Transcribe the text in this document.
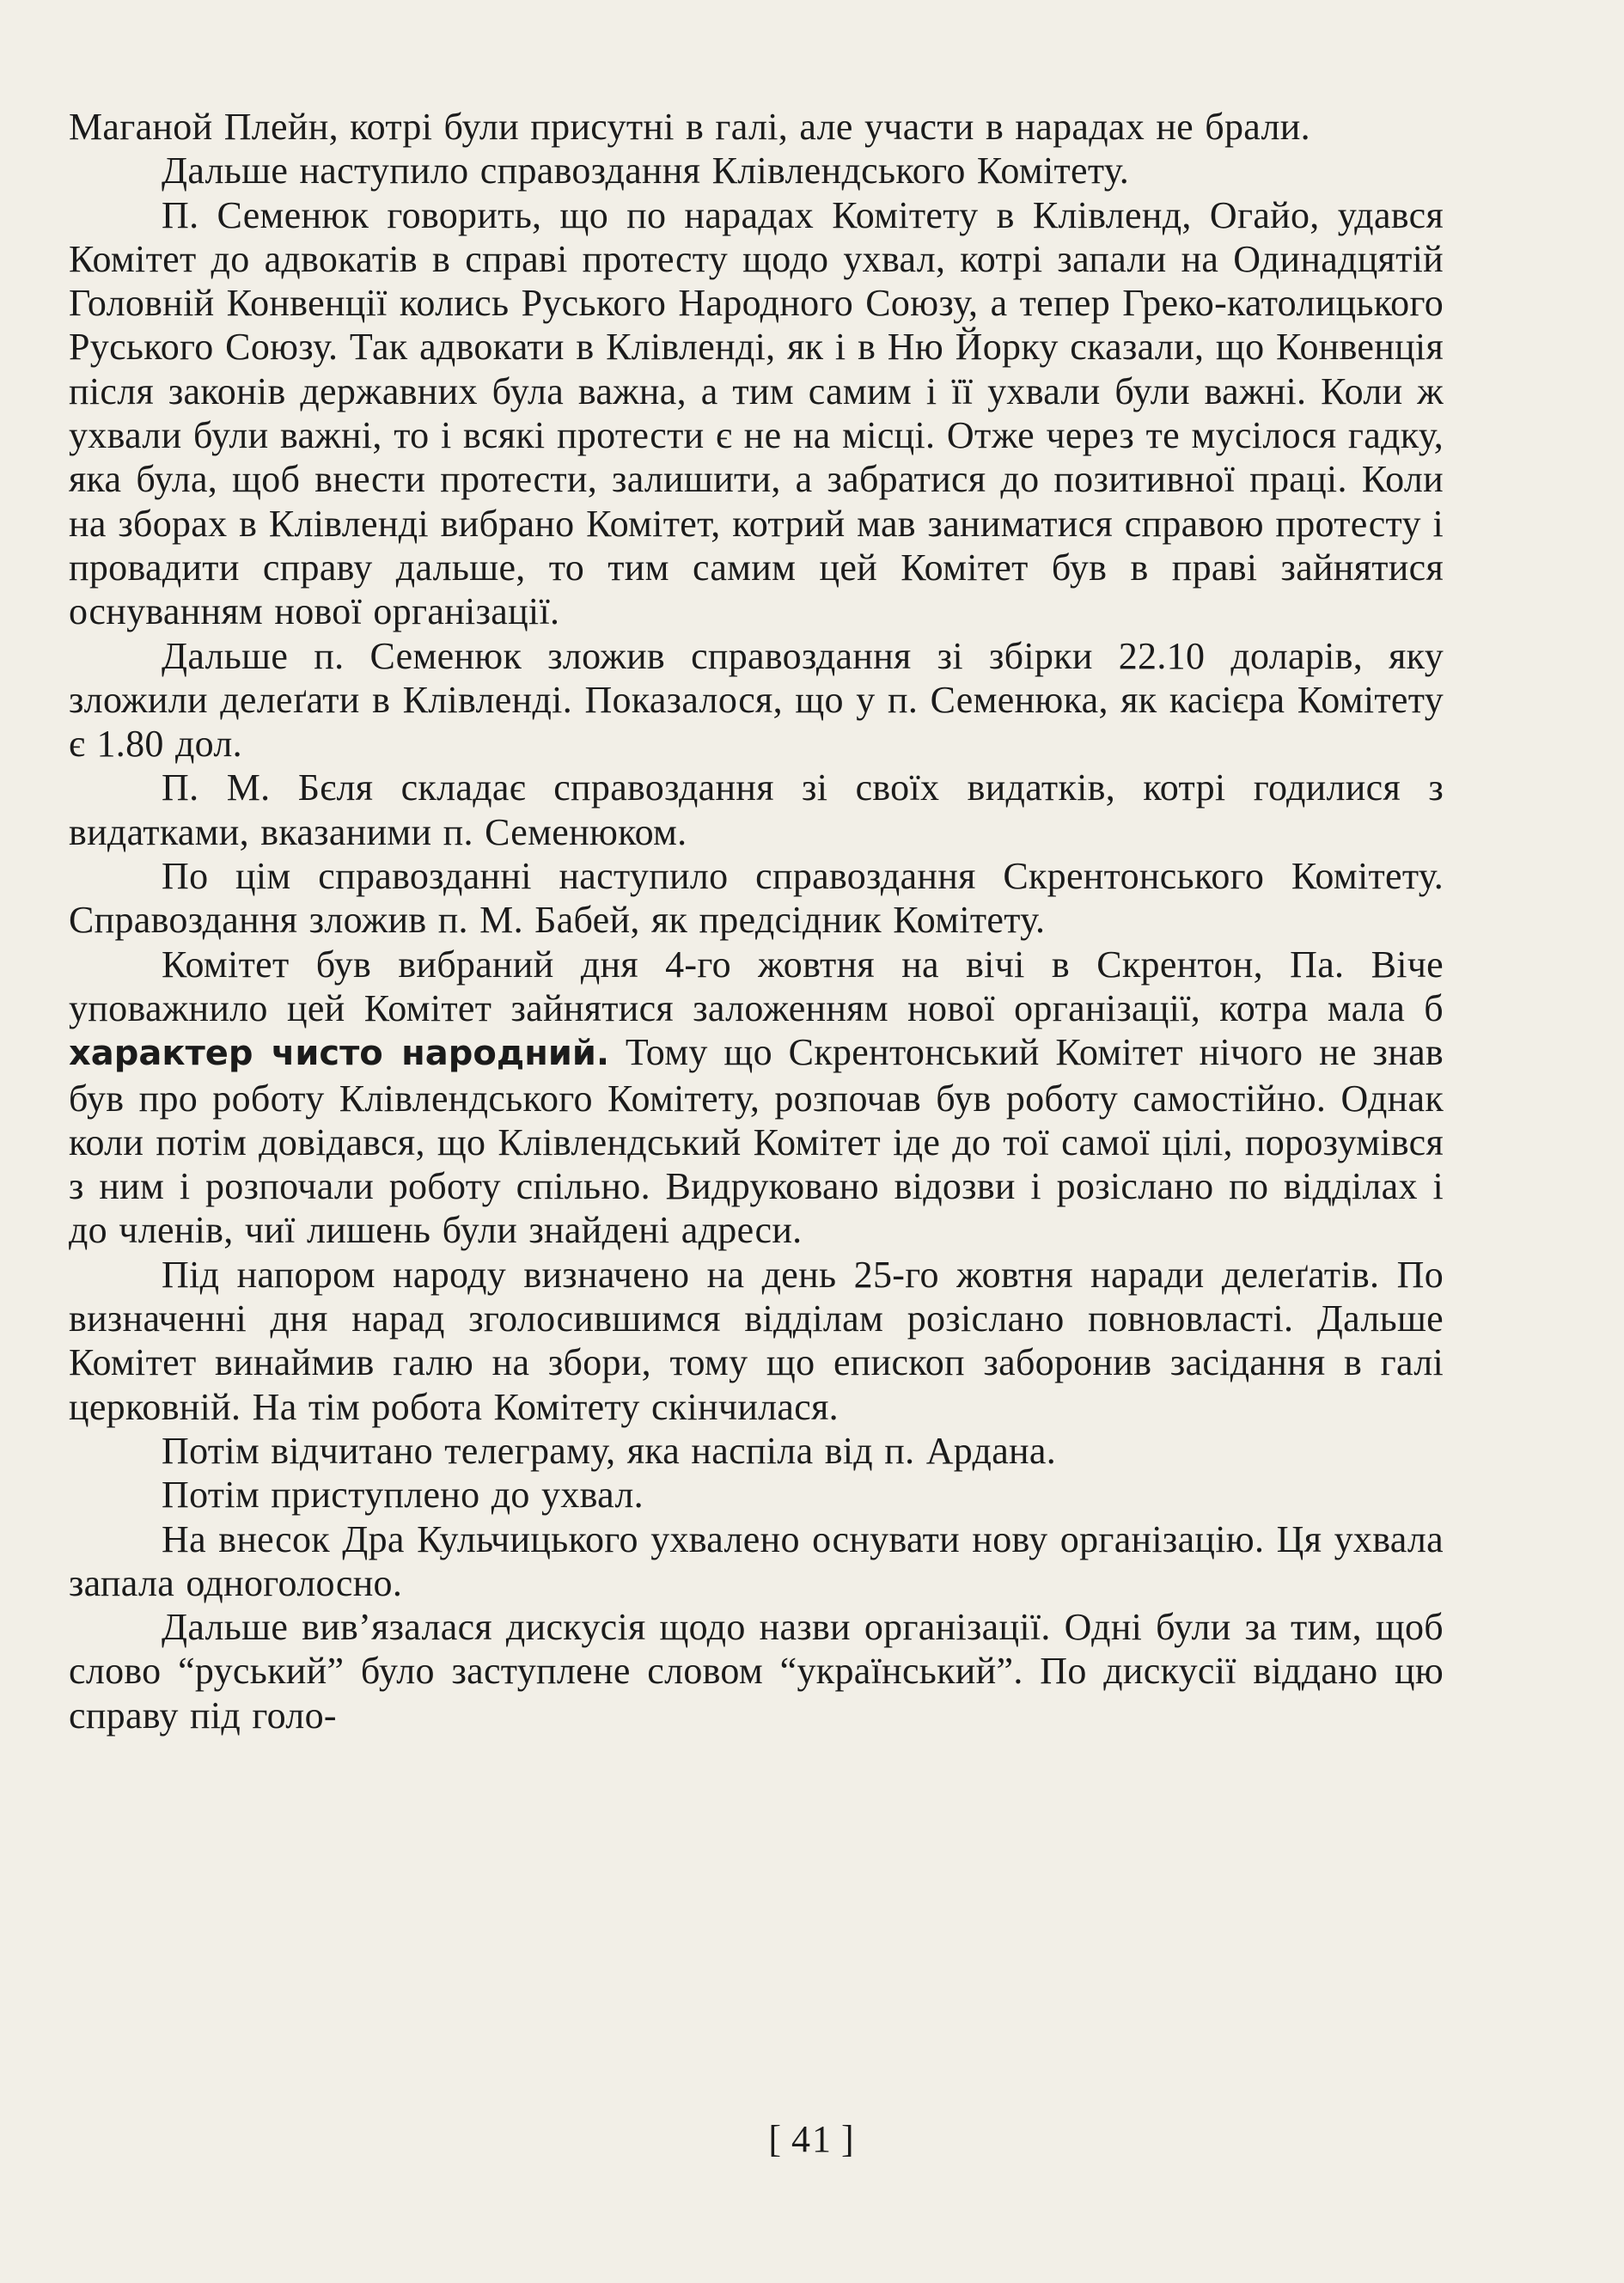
Маганой Плейн, котрі були присутні в галі, але участи в нарадах не брали.

Дальше наступило справоздання Клівлендського Комітету.

П. Семенюк говорить, що по нарадах Комітету в Клівленд, Огайо, удався Комітет до адвокатів в справі протесту щодо ухвал, котрі запали на Одинадцятій Головній Конвенції колись Руського Народного Союзу, а тепер Греко-католицького Руського Союзу. Так адвокати в Клівленді, як і в Ню Йорку сказали, що Конвенція після законів державних була важна, а тим самим і її ухвали були важні. Коли ж ухвали були важні, то і всякі протести є не на місці. Отже через те мусілося гадку, яка була, щоб внести протести, залишити, а забратися до позитивної праці. Коли на зборах в Клівленді вибрано Комітет, котрий мав заниматися справою протесту і провадити справу дальше, то тим самим цей Комітет був в праві зайнятися оснуванням нової організації.

Дальше п. Семенюк зложив справоздання зі збірки 22.10 доларів, яку зложили делеґати в Клівленді. Показалося, що у п. Семенюка, як касієра Комітету є 1.80 дол.

П. М. Бєля складає справоздання зі своїх видатків, котрі годилися з видатками, вказаними п. Семенюком.

По цім справозданні наступило справоздання Скрентонського Комітету. Справоздання зложив п. М. Бабей, як предсідник Комітету.

Комітет був вибраний дня 4-го жовтня на вічі в Скрентон, Па. Віче уповажнило цей Комітет зайнятися заложенням нової організації, котра мала б характер чисто народний. Тому що Скрентонський Комітет нічого не знав був про роботу Клівлендського Комітету, розпочав був роботу самостійно. Однак коли потім довідався, що Клівлендський Комітет іде до тої самої цілі, порозумівся з ним і розпочали роботу спільно. Видруковано відозви і розіслано по відділах і до членів, чиї лишень були знайдені адреси.

Під напором народу визначено на день 25-го жовтня наради делеґатів. По визначенні дня нарад зголосившимся відділам розіслано повновласті. Дальше Комітет винаймив галю на збори, тому що епископ заборонив засідання в галі церковній. На тім робота Комітету скінчилася.

Потім відчитано телеграму, яка наспіла від п. Ардана.

Потім приступлено до ухвал.

На внесок Дра Кульчицького ухвалено оснувати нову організацію. Ця ухвала запала одноголосно.

Дальше вив’язалася дискусія щодо назви організації. Одні були за тим, щоб слово “руський” було заступлене словом “український”. По дискусії віддано цю справу під голо-

[ 41 ]
